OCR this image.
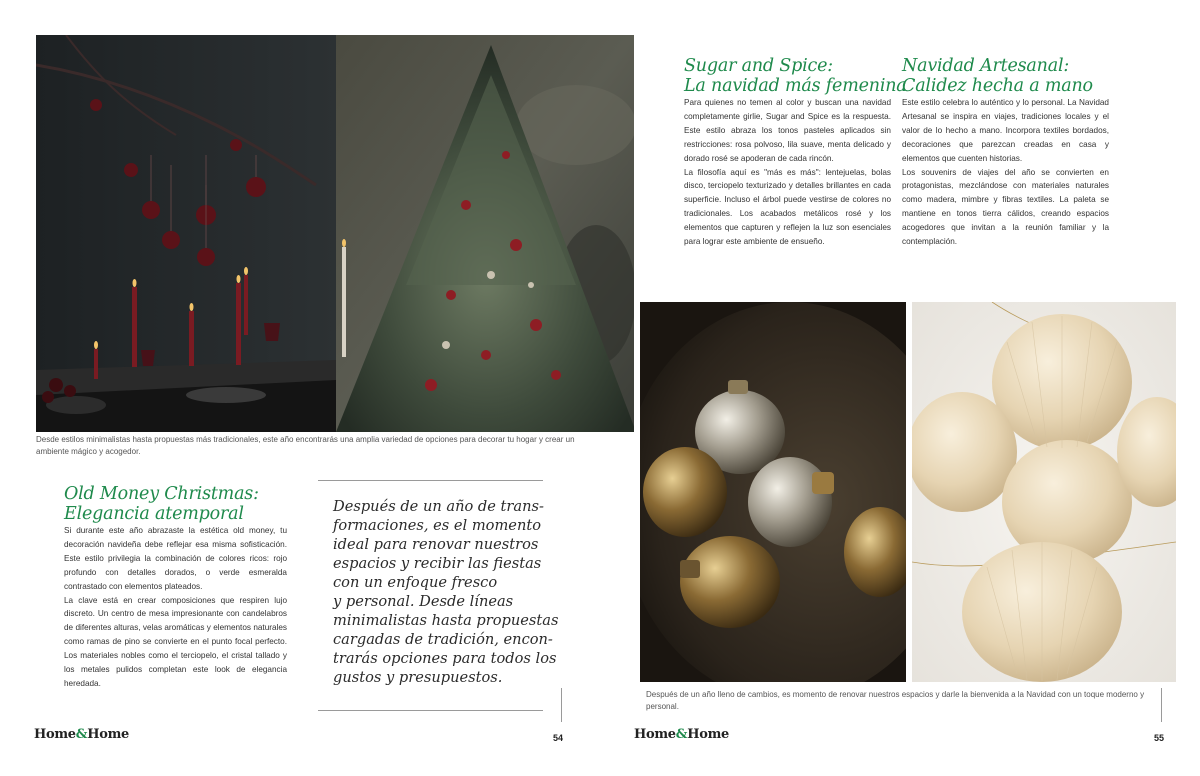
Desde estilos minimalistas hasta propuestas más tradicionales, este año encontrarás una amplia variedad de opciones para decorar tu hogar y crear un ambiente mágico y acogedor.
Old Money Christmas:
Elegancia atemporal

Si durante este año abrazaste la estética old money, tu decoración navideña debe reflejar esa misma sofisticación. Este estilo privilegia la combinación de colores ricos: rojo profundo con detalles dorados, o verde esmeralda contrastado con elementos plateados.

La clave está en crear composiciones que respiren lujo discreto. Un centro de mesa impresionante con candelabros de diferentes alturas, velas aromáticas y elementos naturales como ramas de pino se convierte en el punto focal perfecto. Los materiales nobles como el terciopelo, el cristal tallado y los metales pulidos completan este look de elegancia heredada.

Después de un año de trans-
formaciones, es el momento
ideal para renovar nuestros
espacios y recibir las fiestas
con un enfoque fresco
y personal. Desde líneas
minimalistas hasta propuestas
cargadas de tradición, encon-
trarás opciones para todos los
gustos y presupuestos.
Home&Home	54
Sugar and Spice:
La navidad más femenina

Para quienes no temen al color y buscan una navidad completamente girlie, Sugar and Spice es la respuesta. Este estilo abraza los tonos pasteles aplicados sin restricciones: rosa polvoso, lila suave, menta delicado y dorado rosé se apoderan de cada rincón.

La filosofía aquí es "más es más": lentejuelas, bolas disco, terciopelo texturizado y detalles brillantes en cada superficie. Incluso el árbol puede vestirse de colores no tradicionales. Los acabados metálicos rosé y los elementos que capturen y reflejen la luz son esenciales para lograr este ambiente de ensueño.

Navidad Artesanal:
Calidez hecha a mano

Este estilo celebra lo auténtico y lo personal. La Navidad Artesanal se inspira en viajes, tradiciones locales y el valor de lo hecho a mano. Incorpora textiles bordados, decoraciones que parezcan creadas en casa y elementos que cuenten historias.

Los souvenirs de viajes del año se convierten en protagonistas, mezclándose con materiales naturales como madera, mimbre y fibras textiles. La paleta se mantiene en tonos tierra cálidos, creando espacios acogedores que invitan a la reunión familiar y la contemplación.

Después de un año lleno de cambios, es momento de renovar nuestros espacios y darle la bienvenida a la Navidad con un toque moderno y personal.
Home&Home	55
